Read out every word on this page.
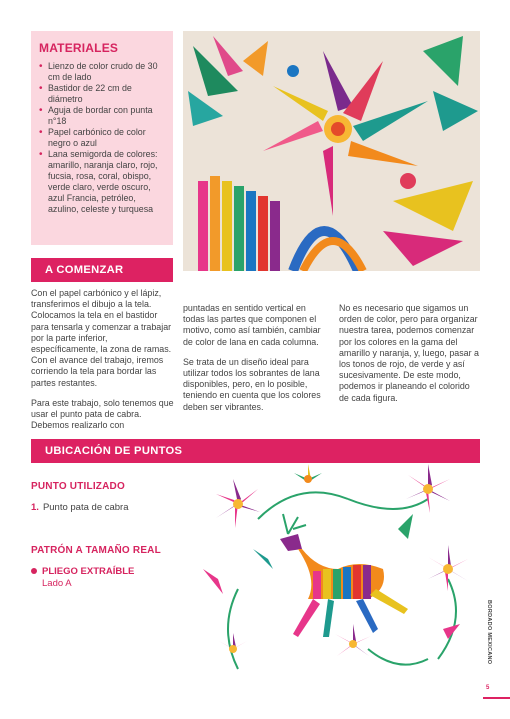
MATERIALES
• Lienzo de color crudo de 30 cm de lado
• Bastidor de 22 cm de diámetro
• Aguja de bordar con punta n°18
• Papel carbónico de color negro o azul
• Lana semigorda de colores: amarillo, naranja claro, rojo, fucsia, rosa, coral, obispo, verde claro, verde oscuro, azul Francia, petróleo, azulino, celeste y turquesa
A COMENZAR

Con el papel carbónico y el lápiz, transferimos el dibujo a la tela. Colocamos la tela en el bastidor para tensarla y comenzar a trabajar por la parte inferior, específicamente, la zona de ramas. Con el avance del trabajo, iremos corriendo la tela para bordar las partes restantes.

Para este trabajo, solo tenemos que usar el punto pata de cabra. Debemos realizarlo con

puntadas en sentido vertical en todas las partes que componen el motivo, como así también, cambiar de color de lana en cada columna.

Se trata de un diseño ideal para utilizar todos los sobrantes de lana disponibles, pero, en lo posible, teniendo en cuenta que los colores deben ser vibrantes.

No es necesario que sigamos un orden de color, pero para organizar nuestra tarea, podemos comenzar por los colores en la gama del amarillo y naranja, y, luego, pasar a los tonos de rojo, de verde y así sucesivamente. De este modo, podemos ir planeando el colorido de cada figura.

UBICACIÓN DE PUNTOS
PUNTO UTILIZADO
1. Punto pata de cabra
PATRÓN A TAMAÑO REAL
PLIEGO EXTRAÍBLE
Lado A
BORDADO MEXICANO
5
